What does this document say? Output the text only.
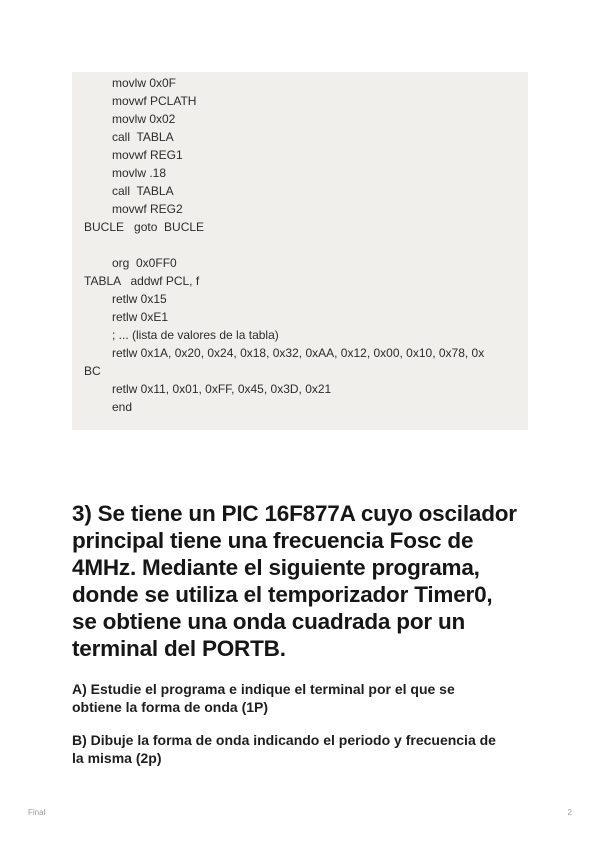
movlw 0x0F
movwf PCLATH
movlw 0x02
call  TABLA
movwf REG1
movlw .18
call  TABLA
movwf REG2
BUCLE   goto  BUCLE
org  0x0FF0
TABLA   addwf PCL, f
retlw 0x15
retlw 0xE1
; ... (lista de valores de la tabla)
retlw 0x1A, 0x20, 0x24, 0x18, 0x32, 0xAA, 0x12, 0x00, 0x10, 0x78, 0x
BC
retlw 0x11, 0x01, 0xFF, 0x45, 0x3D, 0x21
end
3) Se tiene un PIC 16F877A cuyo oscilador
principal tiene una frecuencia Fosc de
4MHz. Mediante el siguiente programa,
donde se utiliza el temporizador Timer0,
se obtiene una onda cuadrada por un
terminal del PORTB.
A) Estudie el programa e indique el terminal por el que se
obtiene la forma de onda (1P)
B) Dibuje la forma de onda indicando el periodo y frecuencia de
la misma (2p)
Final	2
